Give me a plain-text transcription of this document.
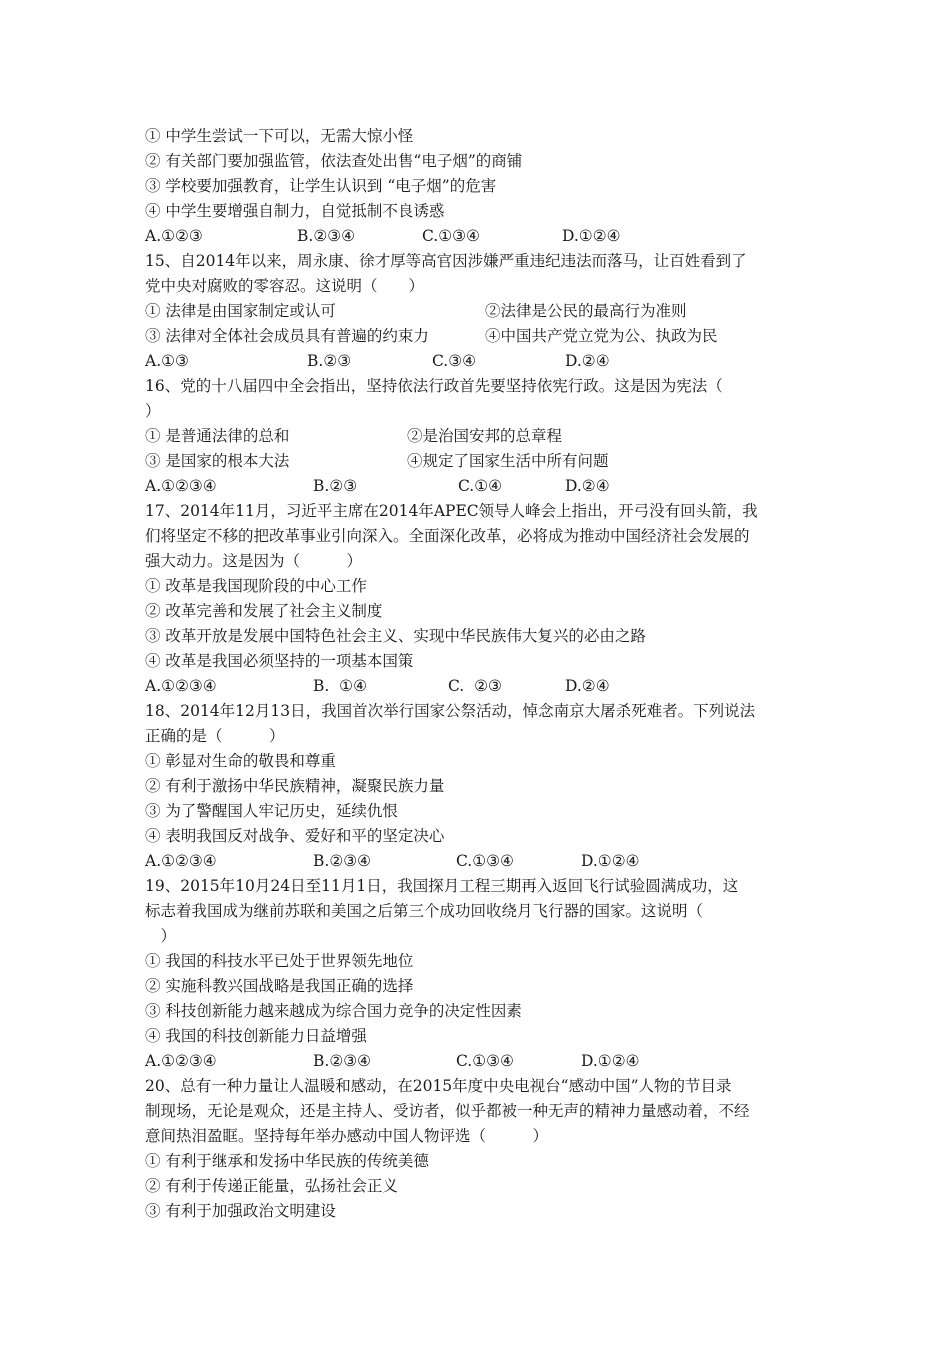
① 中学生尝试一下可以，无需大惊小怪
② 有关部门要加强监管，依法查处出售“电子烟”的商铺
③ 学校要加强教育，让学生认识到 “电子烟”的危害
④ 中学生要增强自制力，自觉抵制不良诱惑
A.①②③	B.②③④	C.①③④	D.①②④
15、自2014年以来，周永康、徐才厚等高官因涉嫌严重违纪违法而落马，让百姓看到了
党中央对腐败的零容忍。这说明（　　）
① 法律是由国家制定或认可	②法律是公民的最高行为准则
③ 法律对全体社会成员具有普遍的约束力	④中国共产党立党为公、执政为民
A.①③	B.②③	C.③④	D.②④
16、党的十八届四中全会指出，坚持依法行政首先要坚持依宪行政。这是因为宪法（
）
① 是普通法律的总和	②是治国安邦的总章程
③ 是国家的根本大法	④规定了国家生活中所有问题
A.①②③④	B.②③	C.①④	D.②④
17、2014年11月，习近平主席在2014年APEC领导人峰会上指出，开弓没有回头箭，我
们将坚定不移的把改革事业引向深入。全面深化改革，必将成为推动中国经济社会发展的
强大动力。这是因为（　　　）
① 改革是我国现阶段的中心工作
② 改革完善和发展了社会主义制度
③ 改革开放是发展中国特色社会主义、实现中华民族伟大复兴的必由之路
④ 改革是我国必须坚持的一项基本国策
A.①②③④	B.  ①④	C.  ②③	D.②④
18、2014年12月13日，我国首次举行国家公祭活动，悼念南京大屠杀死难者。下列说法
正确的是（　　　）
① 彰显对生命的敬畏和尊重
② 有利于激扬中华民族精神，凝聚民族力量
③ 为了警醒国人牢记历史，延续仇恨
④ 表明我国反对战争、爱好和平的坚定决心
A.①②③④	B.②③④	C.①③④	D.①②④
19、2015年10月24日至11月1日，我国探月工程三期再入返回飞行试验圆满成功，这
标志着我国成为继前苏联和美国之后第三个成功回收绕月飞行器的国家。这说明（
　）
① 我国的科技水平已处于世界领先地位
② 实施科教兴国战略是我国正确的选择
③ 科技创新能力越来越成为综合国力竞争的决定性因素
④ 我国的科技创新能力日益增强
A.①②③④	B.②③④	C.①③④	D.①②④
20、总有一种力量让人温暖和感动，在2015年度中央电视台“感动中国”人物的节目录
制现场，无论是观众，还是主持人、受访者，似乎都被一种无声的精神力量感动着，不经
意间热泪盈眶。坚持每年举办感动中国人物评选（　　　）
① 有利于继承和发扬中华民族的传统美德
② 有利于传递正能量，弘扬社会正义
③ 有利于加强政治文明建设
